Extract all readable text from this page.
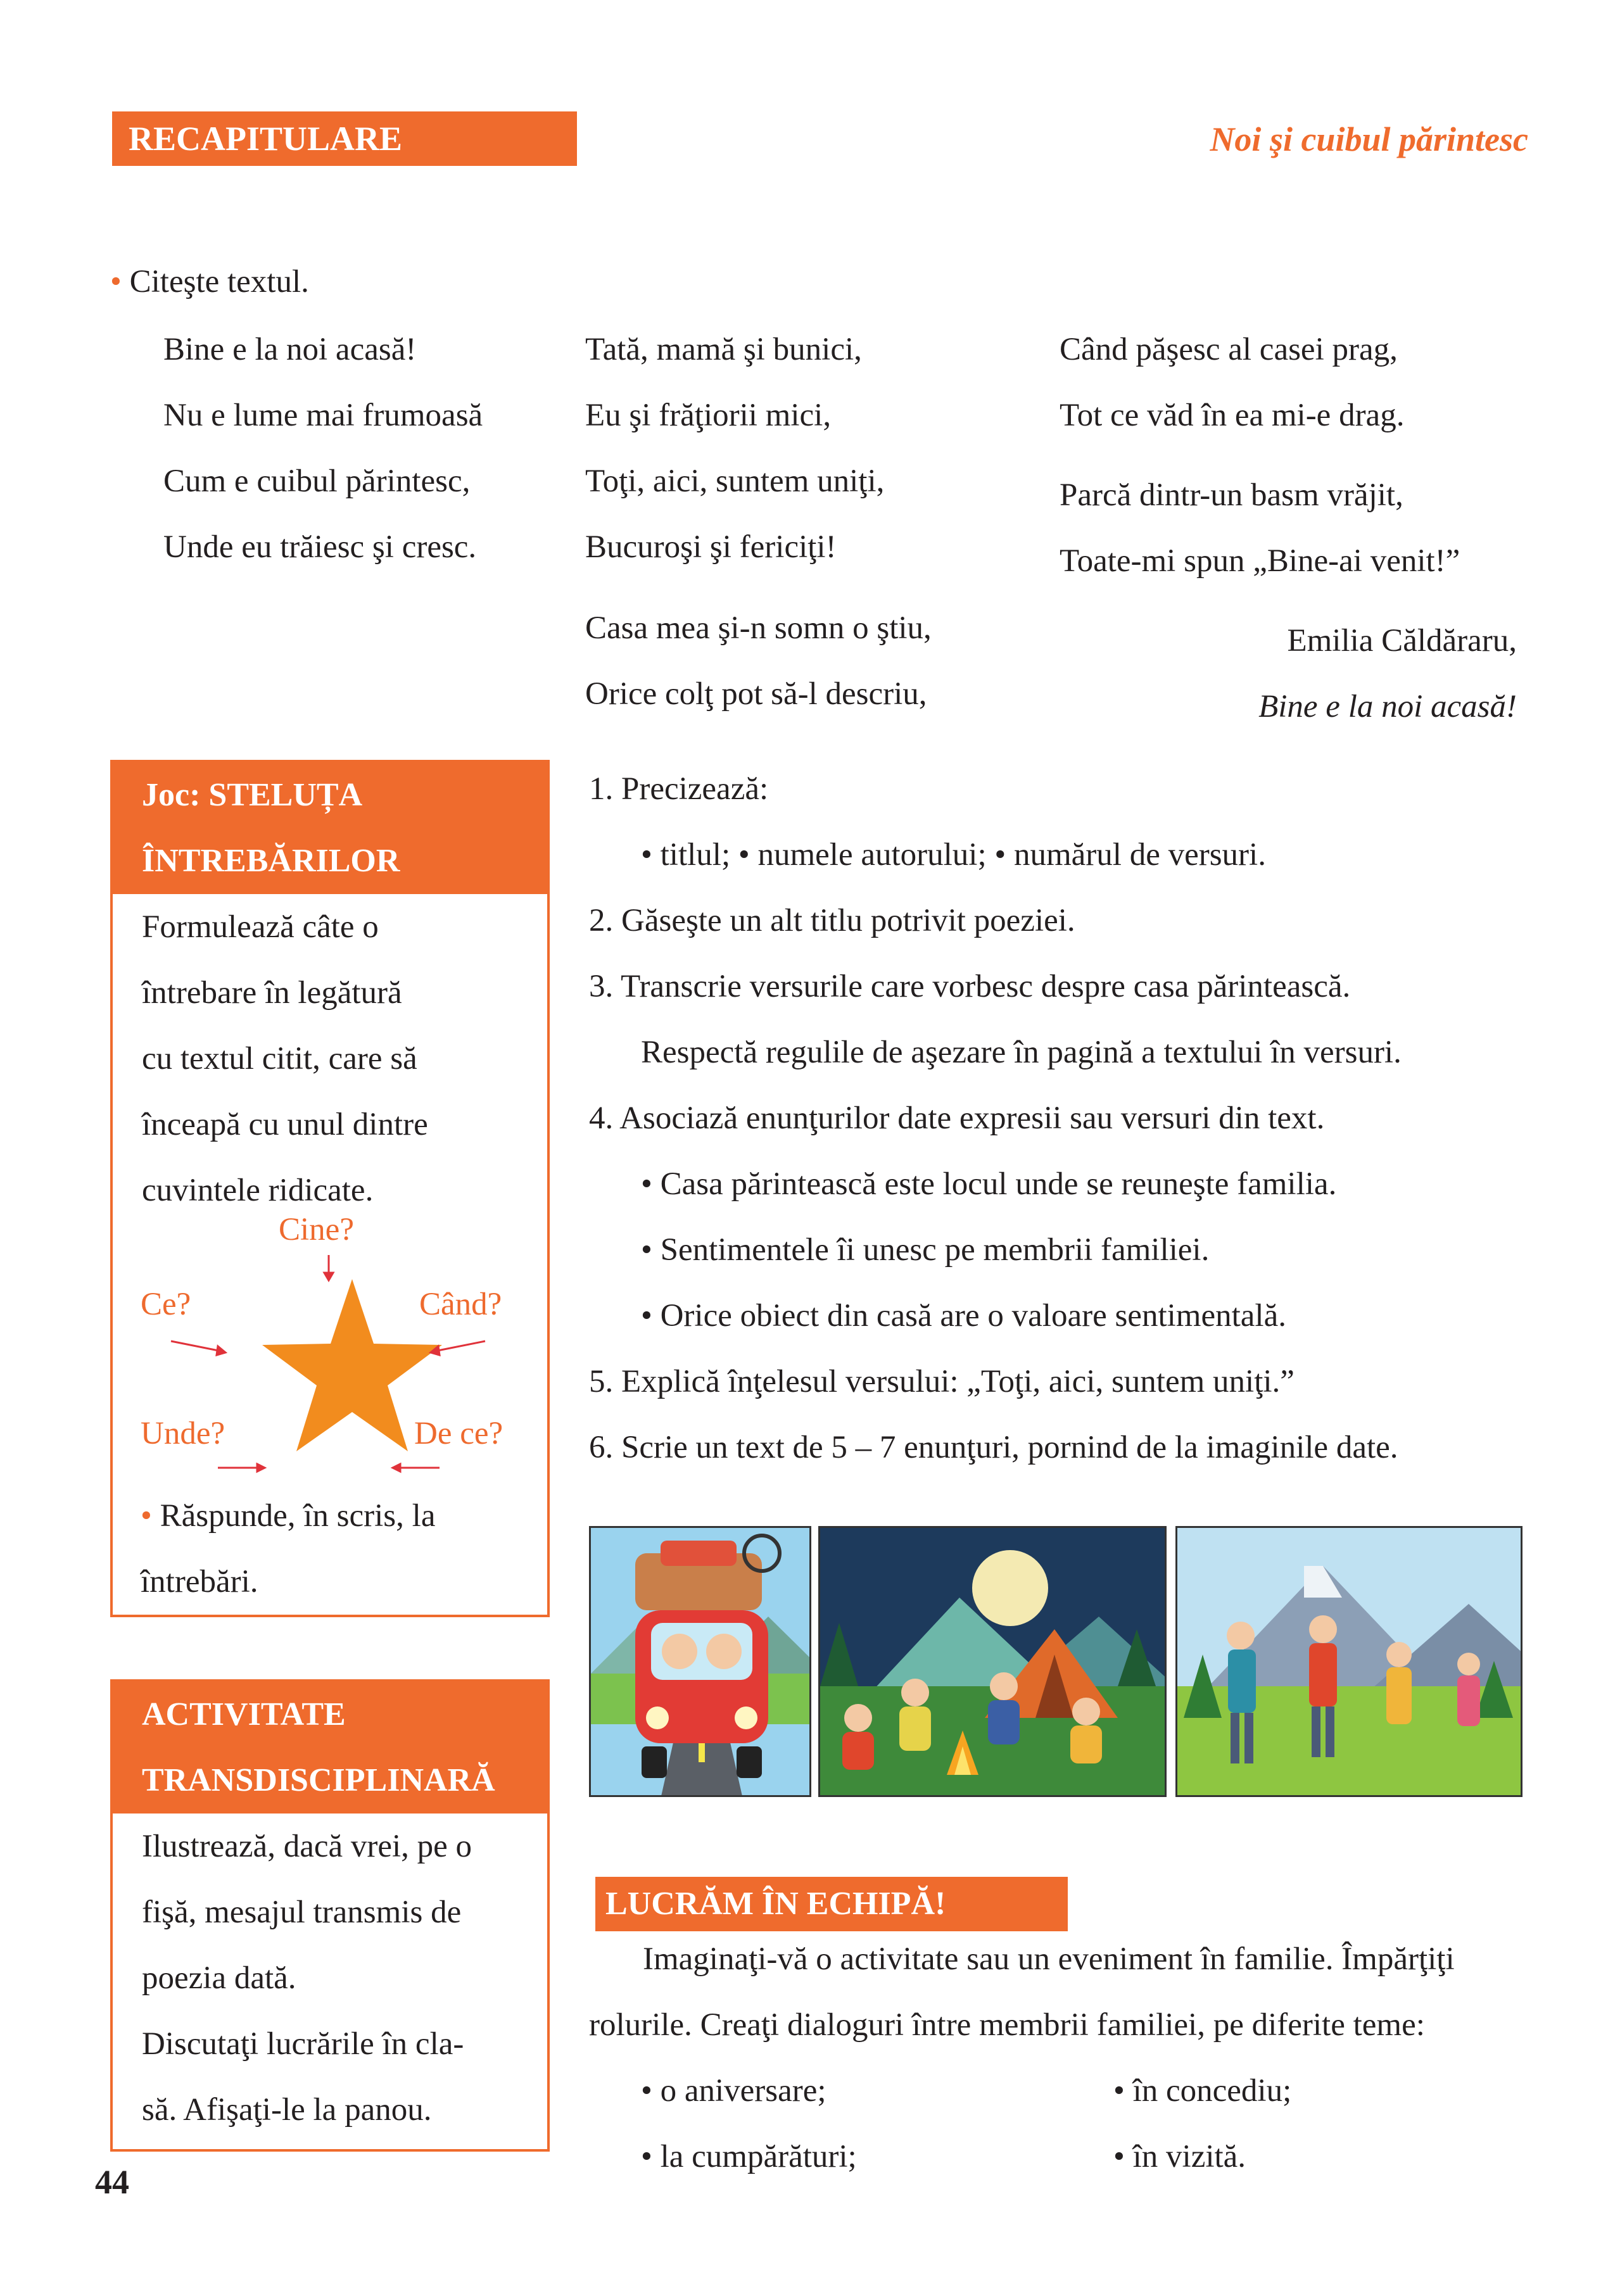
RECAPITULARE	Noi şi cuibul părintesc
• Citeşte textul.
Bine e la noi acasă!
Nu e lume mai frumoasă
Cum e cuibul părintesc,
Unde eu trăiesc şi cresc.
Tată, mamă şi bunici,
Eu şi frăţiorii mici,
Toţi, aici, suntem uniţi,
Bucuroşi şi fericiţi!
Casa mea şi-n somn o ştiu,
Orice colţ pot să-l descriu,
Când păşesc al casei prag,
Tot ce văd în ea mi-e drag.
Parcă dintr-un basm vrăjit,
Toate-mi spun „Bine-ai venit!”
Emilia Căldăraru,
Bine e la noi acasă!
Joc: STELUȚA
ÎNTREBĂRILOR
Formulează câte o
întrebare în legătură
cu textul citit, care să
înceapă cu unul dintre
cuvintele ridicate.
Cine?
Ce?	Când?
Unde?	De ce?
• Răspunde, în scris, la
întrebări.
ACTIVITATE
TRANSDISCIPLINARĂ
Ilustrează, dacă vrei, pe o
fişă, mesajul transmis de
poezia dată.
Discutaţi lucrările în cla-
să. Afişaţi-le la panou.
1. Precizează:
• titlul; • numele autorului; • numărul de versuri.
2. Găseşte un alt titlu potrivit poeziei.
3. Transcrie versurile care vorbesc despre casa părintească.
Respectă regulile de aşezare în pagină a textului în versuri.
4. Asociază enunţurilor date expresii sau versuri din text.
• Casa părintească este locul unde se reuneşte familia.
• Sentimentele îi unesc pe membrii familiei.
• Orice obiect din casă are o valoare sentimentală.
5. Explică înţelesul versului: „Toţi, aici, suntem uniţi.”
6. Scrie un text de 5 – 7 enunţuri, pornind de la imaginile date.
LUCRĂM ÎN ECHIPĂ!
Imaginaţi-vă o activitate sau un eveniment în familie. Împărţiţi
rolurile. Creaţi dialoguri între membrii familiei, pe diferite teme:
• o aniversare;
• la cumpărături;
• în concediu;
• în vizită.
44
